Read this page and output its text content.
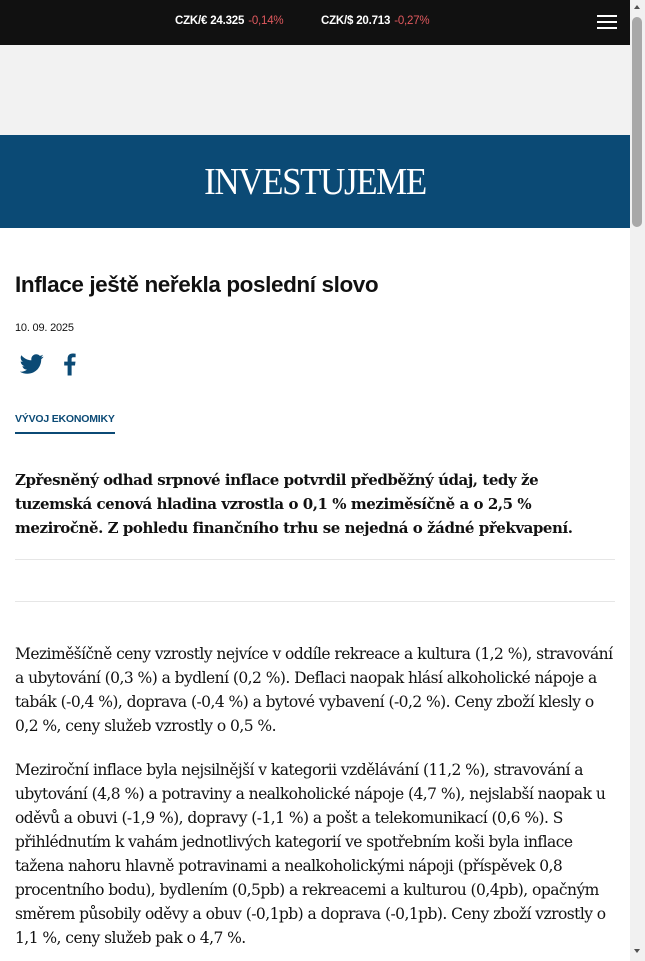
CZK/€ 24.325 -0,14%	CZK/$ 20.713 -0,27%
INVESTUJEME
Inflace ještě neřekla poslední slovo
10. 09. 2025
VÝVOJ EKONOMIKY

Zpřesněný odhad srpnové inflace potvrdil předběžný údaj, tedy že tuzemská cenová hladina vzrostla o 0,1 % meziměsíčně a o 2,5 % meziročně. Z pohledu finančního trhu se nejedná o žádné překvapení.

Meziměšíčně ceny vzrostly nejvíce v oddíle rekreace a kultura (1,2 %), stravování a ubytování (0,3 %) a bydlení (0,2 %). Deflaci naopak hlásí alkoholické nápoje a tabák (-0,4 %), doprava (-0,4 %) a bytové vybavení (-0,2 %). Ceny zboží klesly o 0,2 %, ceny služeb vzrostly o 0,5 %.

Meziroční inflace byla nejsilnější v kategorii vzdělávání (11,2 %), stravování a ubytování (4,8 %) a potraviny a nealkoholické nápoje (4,7 %), nejslabší naopak u oděvů a obuvi (-1,9 %), dopravy (-1,1 %) a pošt a telekomunikací (0,6 %). S přihlédnutím k vahám jednotlivých kategorií ve spotřebním koši byla inflace tažena nahoru hlavně potravinami a nealkoholickými nápoji (příspěvek 0,8 procentního bodu), bydlením (0,5pb) a rekreacemi a kulturou (0,4pb), opačným směrem působily oděvy a obuv (-0,1pb) a doprava (-0,1pb). Ceny zboží vzrostly o 1,1 %, ceny služeb pak o 4,7 %.
